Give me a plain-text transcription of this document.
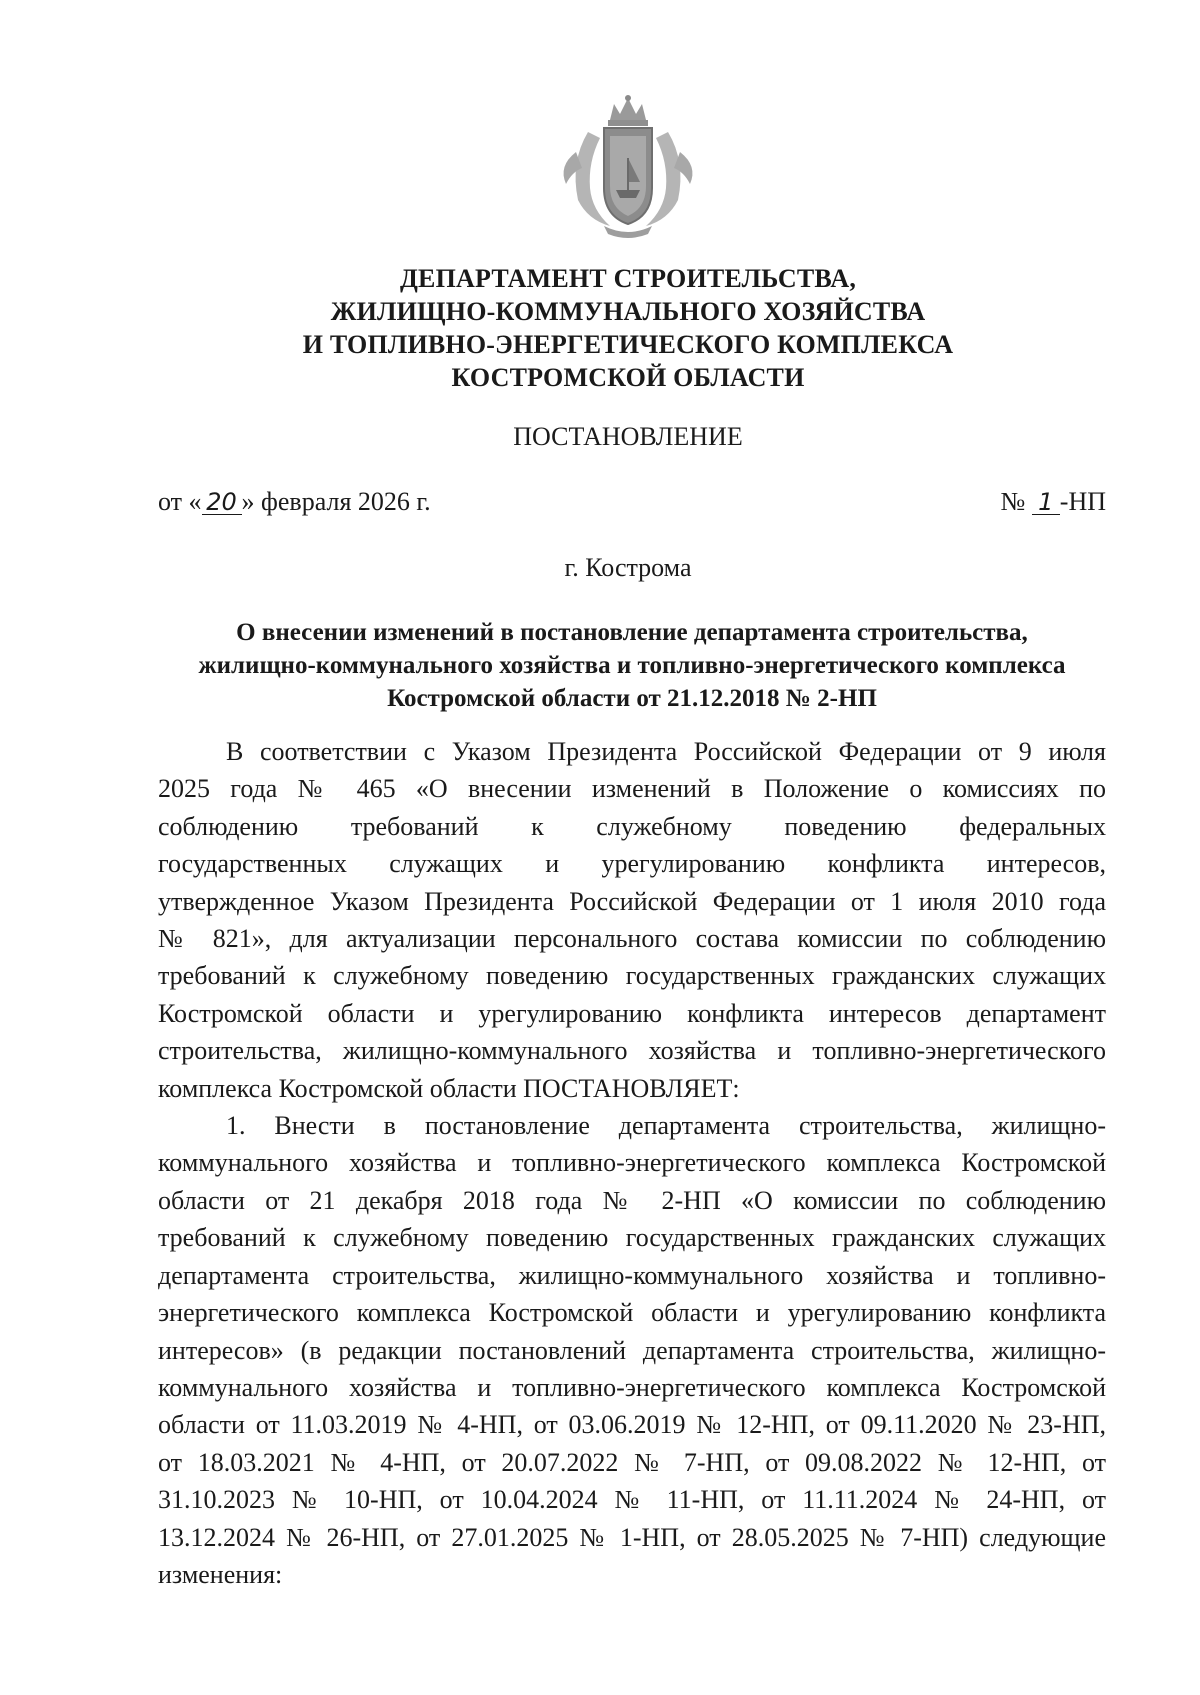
ДЕПАРТАМЕНТ СТРОИТЕЛЬСТВА,
ЖИЛИЩНО-КОММУНАЛЬНОГО ХОЗЯЙСТВА
И ТОПЛИВНО-ЭНЕРГЕТИЧЕСКОГО КОМПЛЕКСА
КОСТРОМСКОЙ ОБЛАСТИ
ПОСТАНОВЛЕНИЕ
от « 20 » февраля 2026 г.	№ 1 -НП
г. Кострома
О внесении изменений в постановление департамента строительства,
жилищно-коммунального хозяйства и топливно-энергетического комплекса
Костромской области от 21.12.2018 № 2-НП
В соответствии с Указом Президента Российской Федерации от 9 июля
2025 года № 465 «О внесении изменений в Положение о комиссиях по
соблюдению требований к служебному поведению федеральных
государственных служащих и урегулированию конфликта интересов,
утвержденное Указом Президента Российской Федерации от 1 июля 2010 года
№ 821», для актуализации персонального состава комиссии по соблюдению
требований к служебному поведению государственных гражданских служащих
Костромской области и урегулированию конфликта интересов департамент
строительства, жилищно-коммунального хозяйства и топливно-энергетического
комплекса Костромской области ПОСТАНОВЛЯЕТ:
1. Внести в постановление департамента строительства, жилищно-
коммунального хозяйства и топливно-энергетического комплекса Костромской
области от 21 декабря 2018 года № 2-НП «О комиссии по соблюдению
требований к служебному поведению государственных гражданских служащих
департамента строительства, жилищно-коммунального хозяйства и топливно-
энергетического комплекса Костромской области и урегулированию конфликта
интересов» (в редакции постановлений департамента строительства, жилищно-
коммунального хозяйства и топливно-энергетического комплекса Костромской
области от 11.03.2019 № 4-НП, от 03.06.2019 № 12-НП, от 09.11.2020 № 23-НП,
от 18.03.2021 № 4-НП, от 20.07.2022 № 7-НП, от 09.08.2022 № 12-НП, от
31.10.2023 № 10-НП, от 10.04.2024 № 11-НП, от 11.11.2024 № 24-НП, от
13.12.2024 № 26-НП, от 27.01.2025 № 1-НП, от 28.05.2025 № 7-НП) следующие
изменения:
